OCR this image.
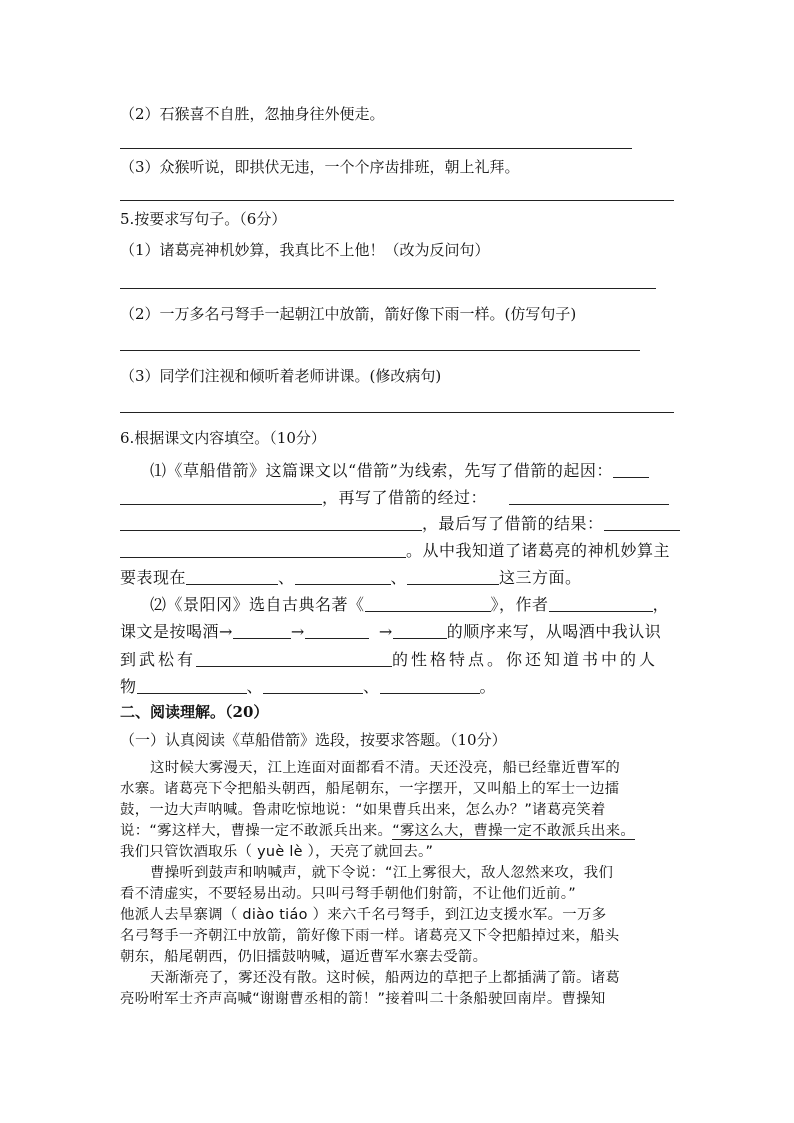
（2）石猴喜不自胜，忽抽身往外便走。
（3）众猴听说，即拱伏无违，一个个序齿排班，朝上礼拜。
5.按要求写句子。（6分）
（1）诸葛亮神机妙算，我真比不上他！（改为反问句）
（2）一万多名弓弩手一起朝江中放箭，箭好像下雨一样。(仿写句子)
（3）同学们注视和倾听着老师讲课。(修改病句)
6.根据课文内容填空。（10分）
⑴《草船借箭》这篇课文以“借箭”为线索，先写了借箭的起因：
，再写了借箭的经过：
，最后写了借箭的结果：
。从中我知道了诸葛亮的神机妙算主
要表现在	、	、	这三方面。
⑵《景阳冈》选自古典名著《	》，作者	，
课文是按喝酒→	→	→	的顺序来写，从喝酒中我认识
到武松有	的性格特点。你还知道书中的人
物	、	、	。
二、阅读理解。（20）
（一）认真阅读《草船借箭》选段，按要求答题。（10分）
这时候大雾漫天，江上连面对面都看不清。天还没亮，船已经靠近曹军的
水寨。诸葛亮下令把船头朝西，船尾朝东，一字摆开，又叫船上的军士一边擂
鼓，一边大声呐喊。鲁肃吃惊地说：“如果曹兵出来，怎么办？”诸葛亮笑着
说：“雾这样大，曹操一定不敢派兵出来。“雾这么大，曹操一定不敢派兵出来。
我们只管饮酒取乐（ yuè lè ），天亮了就回去。”
曹操听到鼓声和呐喊声，就下令说：“江上雾很大，敌人忽然来攻，我们
看不清虚实，不要轻易出动。只叫弓弩手朝他们射箭，不让他们近前。”
他派人去旱寨调（ diào tiáo ）来六千名弓弩手，到江边支援水军。一万多
名弓弩手一齐朝江中放箭，箭好像下雨一样。诸葛亮又下令把船掉过来，船头
朝东，船尾朝西，仍旧擂鼓呐喊，逼近曹军水寨去受箭。
天渐渐亮了，雾还没有散。这时候，船两边的草把子上都插满了箭。诸葛
亮吩咐军士齐声高喊“谢谢曹丞相的箭！”接着叫二十条船驶回南岸。曹操知
